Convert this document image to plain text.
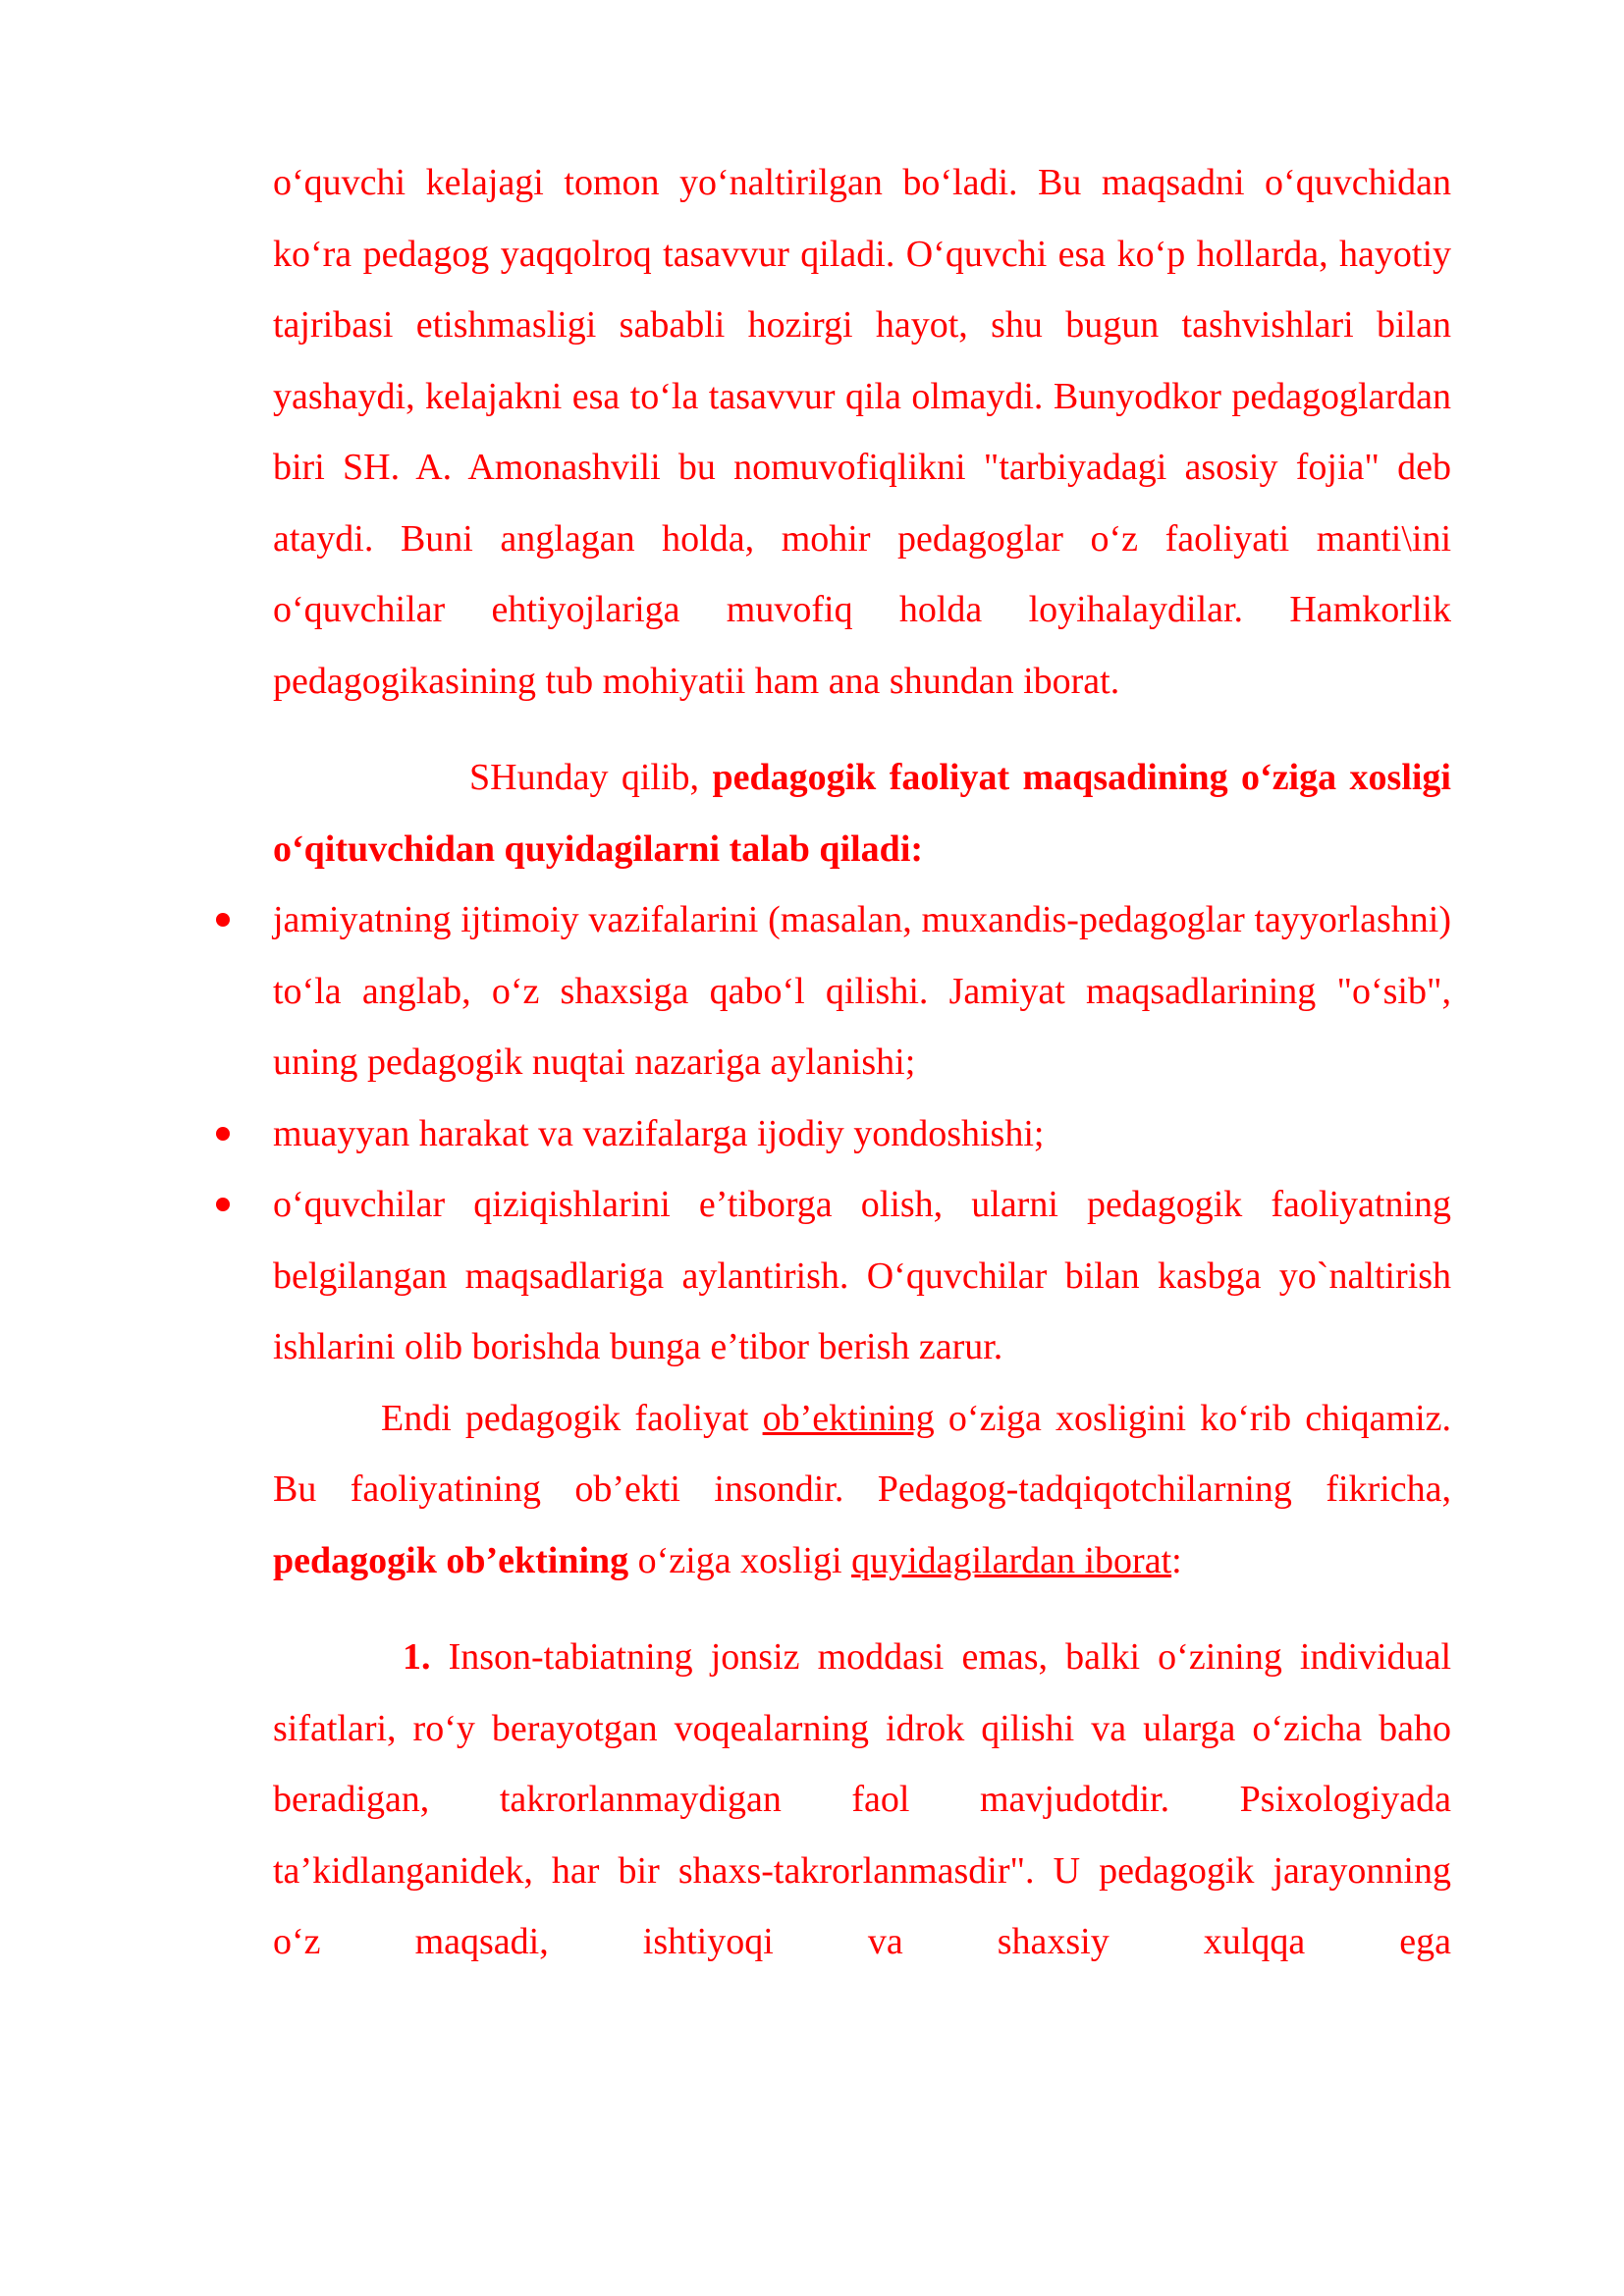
o‘quvchi kelajagi tomon yo‘naltirilgan bo‘ladi. Bu maqsadni o‘quvchidan ko‘ra pedagog yaqqolroq tasavvur qiladi. O‘quvchi esa ko‘p hollarda, hayotiy tajribasi etishmasligi sababli hozirgi hayot, shu bugun tashvishlari bilan yashaydi, kelajakni esa to‘la tasavvur qila olmaydi. Bunyodkor pedagoglardan biri SH. A. Amonashvili bu nomuvofiqlikni "tarbiyadagi asosiy fojia" deb ataydi. Buni anglagan holda, mohir pedagoglar o‘z faoliyati manti\ini o‘quvchilar ehtiyojlariga muvofiq holda loyihalaydilar. Hamkorlik pedagogikasining tub mohiyatii ham ana shundan iborat.

SHunday qilib, pedagogik faoliyat maqsadining o‘ziga xosligi o‘qituvchidan quyidagilarni talab qiladi:

jamiyatning ijtimoiy vazifalarini (masalan, muxandis-pedagoglar tayyorlashni) to‘la anglab, o‘z shaxsiga qabo‘l qilishi. Jamiyat maqsadlarining "o‘sib", uning pedagogik nuqtai nazariga aylanishi;
muayyan harakat va vazifalarga ijodiy yondoshishi;
o‘quvchilar qiziqishlarini e’tiborga olish, ularni pedagogik faoliyatning belgilangan maqsadlariga aylantirish. O‘quvchilar bilan kasbga yo`naltirish ishlarini olib borishda bunga e’tibor berish zarur.

Endi pedagogik faoliyat ob’ektining o‘ziga xosligini ko‘rib chiqamiz. Bu faoliyatining ob’ekti insondir. Pedagog-tadqiqotchilarning fikricha, pedagogik ob’ektining o‘ziga xosligi quyidagilardan iborat:

1. Inson-tabiatning jonsiz moddasi emas, balki o‘zining individual sifatlari, ro‘y berayotgan voqealarning idrok qilishi va ularga o‘zicha baho beradigan, takrorlanmaydigan faol mavjudotdir. Psixologiyada ta’kidlanganidek, har bir shaxs-takrorlanmasdir". U pedagogik jarayonning o‘z maqsadi, ishtiyoqi va shaxsiy xulqqa ega
